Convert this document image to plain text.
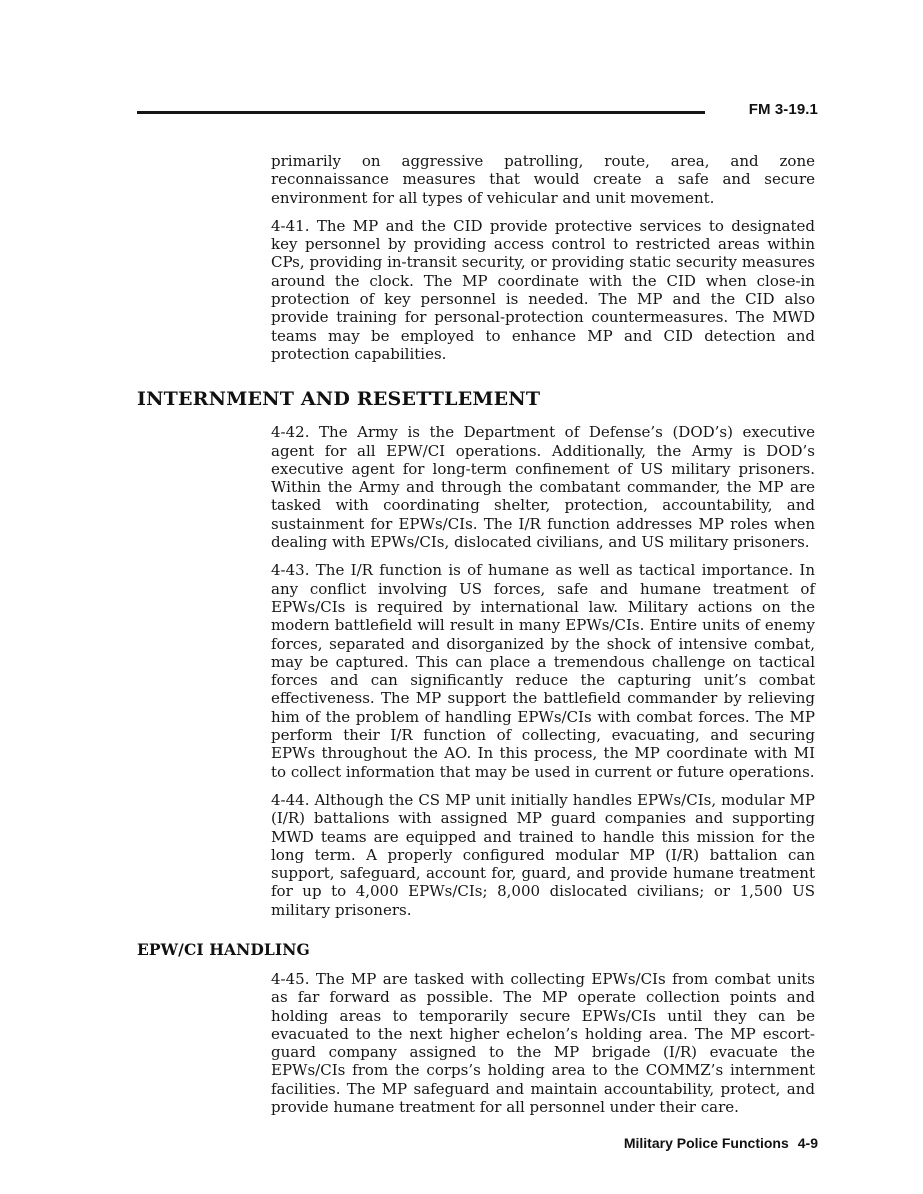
FM 3-19.1

primarily on aggressive patrolling, route, area, and zone reconnaissance measures that would create a safe and secure environment for all types of vehicular and unit movement.

4-41. The MP and the CID provide protective services to designated key personnel by providing access control to restricted areas within CPs, providing in-transit security, or providing static security measures around the clock. The MP coordinate with the CID when close-in protection of key personnel is needed. The MP and the CID also provide training for personal-protection countermeasures. The MWD teams may be employed to enhance MP and CID detection and protection capabilities.

INTERNMENT AND RESETTLEMENT

4-42. The Army is the Department of Defense’s (DOD’s) executive agent for all EPW/CI operations. Additionally, the Army is DOD’s executive agent for long-term confinement of US military prisoners. Within the Army and through the combatant commander, the MP are tasked with coordinating shelter, protection, accountability, and sustainment for EPWs/CIs. The I/R function addresses MP roles when dealing with EPWs/CIs, dislocated civilians, and US military prisoners.

4-43. The I/R function is of humane as well as tactical importance. In any conflict involving US forces, safe and humane treatment of EPWs/CIs is required by international law. Military actions on the modern battlefield will result in many EPWs/CIs. Entire units of enemy forces, separated and disorganized by the shock of intensive combat, may be captured. This can place a tremendous challenge on tactical forces and can significantly reduce the capturing unit’s combat effectiveness. The MP support the battlefield commander by relieving him of the problem of handling EPWs/CIs with combat forces. The MP perform their I/R function of collecting, evacuating, and securing EPWs throughout the AO. In this process, the MP coordinate with MI to collect information that may be used in current or future operations.

4-44. Although the CS MP unit initially handles EPWs/CIs, modular MP (I/R) battalions with assigned MP guard companies and supporting MWD teams are equipped and trained to handle this mission for the long term. A properly configured modular MP (I/R) battalion can support, safeguard, account for, guard, and provide humane treatment for up to 4,000 EPWs/CIs; 8,000 dislocated civilians; or 1,500 US military prisoners.

EPW/CI HANDLING

4-45. The MP are tasked with collecting EPWs/CIs from combat units as far forward as possible. The MP operate collection points and holding areas to temporarily secure EPWs/CIs until they can be evacuated to the next higher echelon’s holding area. The MP escort-guard company assigned to the MP brigade (I/R) evacuate the EPWs/CIs from the corps’s holding area to the COMMZ’s internment facilities. The MP safeguard and maintain accountability, protect, and provide humane treatment for all personnel under their care.

Military Police Functions 4-9
